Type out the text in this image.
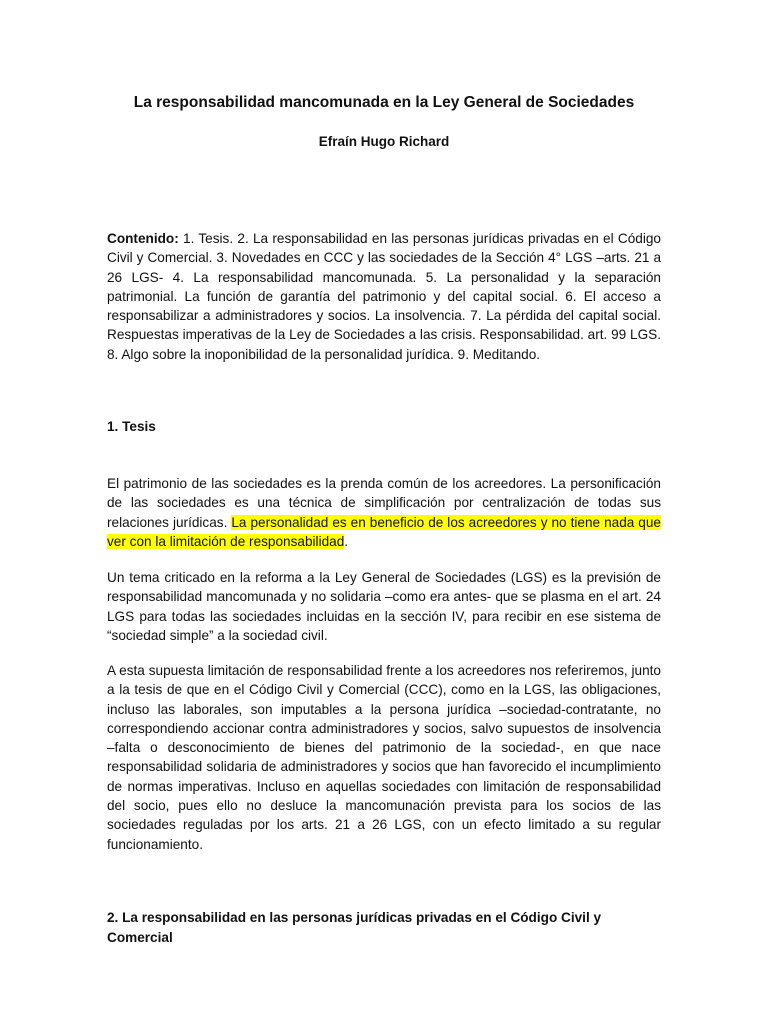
La responsabilidad mancomunada en la Ley General de Sociedades
Efraín Hugo Richard

Contenido: 1. Tesis. 2. La responsabilidad en las personas jurídicas privadas en el Código Civil y Comercial. 3. Novedades en CCC y las sociedades de la Sección 4° LGS –arts. 21 a 26 LGS- 4. La responsabilidad mancomunada. 5. La personalidad y la separación patrimonial. La función de garantía del patrimonio y del capital social. 6. El acceso a responsabilizar a administradores y socios. La insolvencia. 7. La pérdida del capital social. Respuestas imperativas de la Ley de Sociedades a las crisis. Responsabilidad. art. 99 LGS. 8. Algo sobre la inoponibilidad de la personalidad jurídica. 9. Meditando.

1. Tesis

El patrimonio de las sociedades es la prenda común de los acreedores. La personificación de las sociedades es una técnica de simplificación por centralización de todas sus relaciones jurídicas. La personalidad es en beneficio de los acreedores y no tiene nada que ver con la limitación de responsabilidad.

Un tema criticado en la reforma a la Ley General de Sociedades (LGS) es la previsión de responsabilidad mancomunada y no solidaria –como era antes- que se plasma en el art. 24 LGS para todas las sociedades incluidas en la sección IV, para recibir en ese sistema de “sociedad simple” a la sociedad civil.

A esta supuesta limitación de responsabilidad frente a los acreedores nos referiremos, junto a la tesis de que en el Código Civil y Comercial (CCC), como en la LGS, las obligaciones, incluso las laborales, son imputables a la persona jurídica –sociedad-contratante, no correspondiendo accionar contra administradores y socios, salvo supuestos de insolvencia –falta o desconocimiento de bienes del patrimonio de la sociedad-, en que nace responsabilidad solidaria de administradores y socios que han favorecido el incumplimiento de normas imperativas. Incluso en aquellas sociedades con limitación de responsabilidad del socio, pues ello no desluce la mancomunación prevista para los socios de las sociedades reguladas por los arts. 21 a 26 LGS, con un efecto limitado a su regular funcionamiento.

2. La responsabilidad en las personas jurídicas privadas en el Código Civil y Comercial
